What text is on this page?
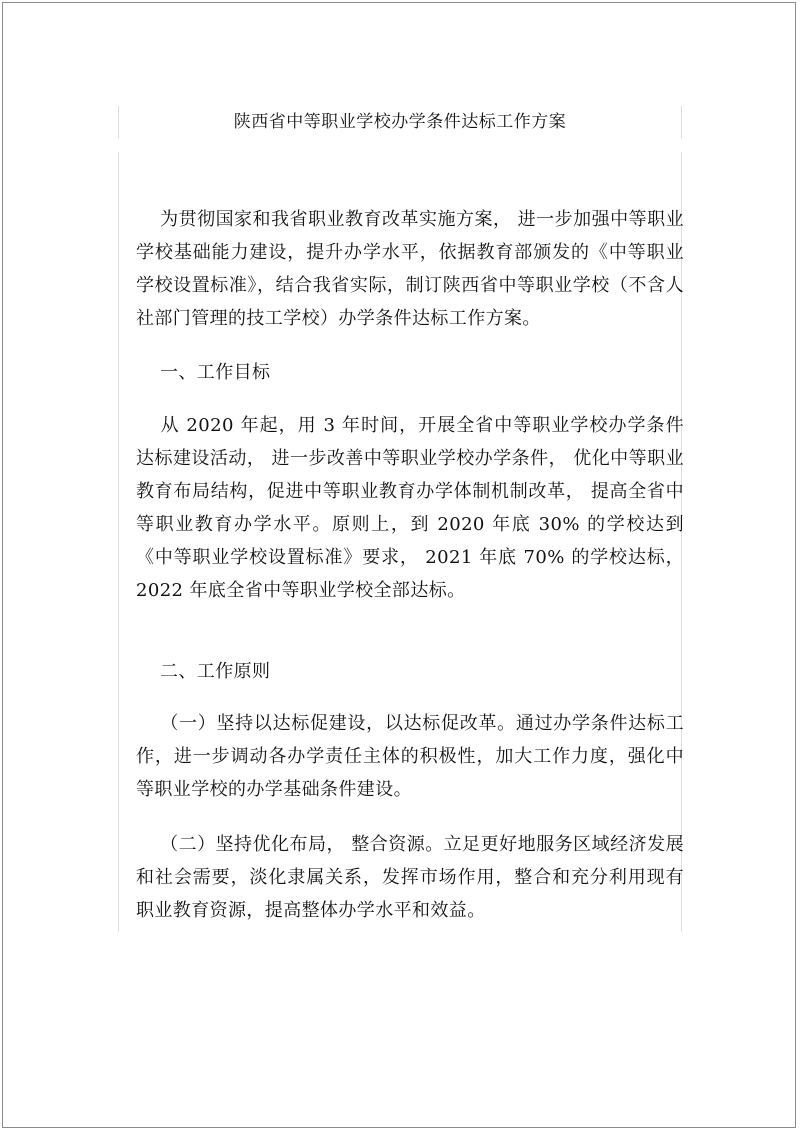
陕西省中等职业学校办学条件达标工作方案
为贯彻国家和我省职业教育改革实施方案， 进一步加强中等职业学校基础能力建设，提升办学水平，依据教育部颁发的《中等职业学校设置标准》，结合我省实际，制订陕西省中等职业学校（不含人社部门管理的技工学校）办学条件达标工作方案。
一、工作目标
从 2020 年起，用 3 年时间，开展全省中等职业学校办学条件达标建设活动， 进一步改善中等职业学校办学条件， 优化中等职业教育布局结构，促进中等职业教育办学体制机制改革， 提高全省中等职业教育办学水平。原则上，到 2020 年底 30% 的学校达到《中等职业学校设置标准》要求， 2021 年底 70% 的学校达标， 2022 年底全省中等职业学校全部达标。
二、工作原则
（一）坚持以达标促建设，以达标促改革。通过办学条件达标工作，进一步调动各办学责任主体的积极性，加大工作力度，强化中等职业学校的办学基础条件建设。
（二）坚持优化布局， 整合资源。立足更好地服务区域经济发展和社会需要，淡化隶属关系，发挥市场作用，整合和充分利用现有职业教育资源，提高整体办学水平和效益。
